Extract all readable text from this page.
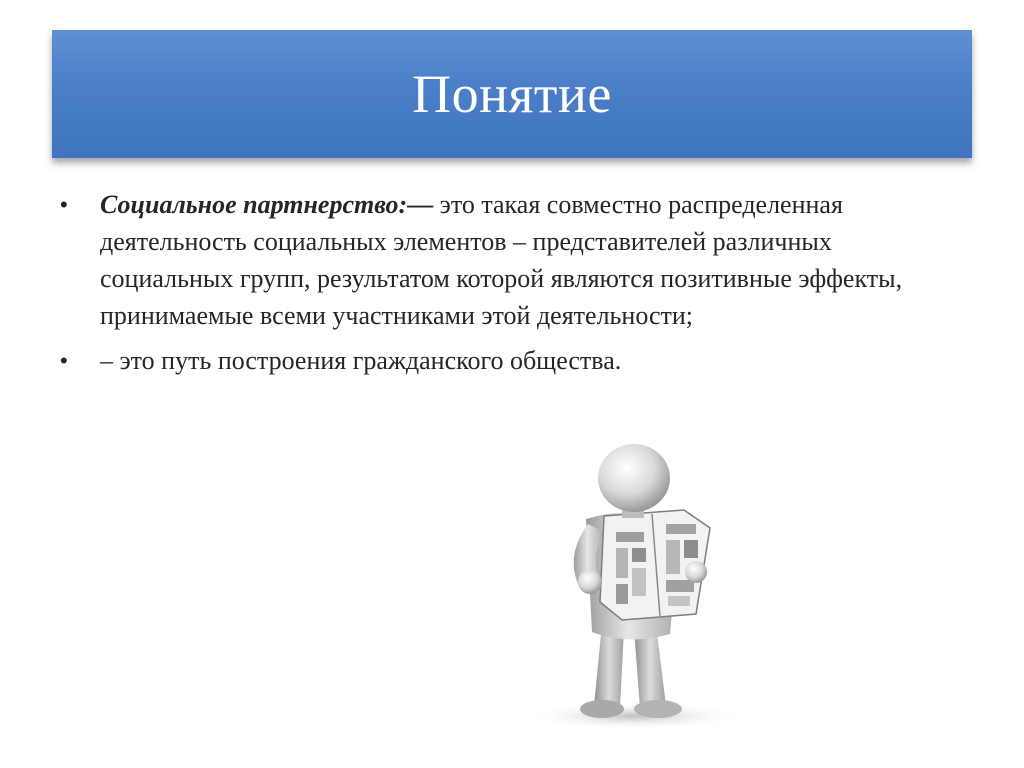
Понятие
•	Социальное партнерство:— это такая совместно распределенная деятельность социальных элементов – представителей различных социальных групп, результатом которой являются позитивные эффекты, принимаемые всеми участниками этой деятельности;
•	– это путь построения гражданского общества.
